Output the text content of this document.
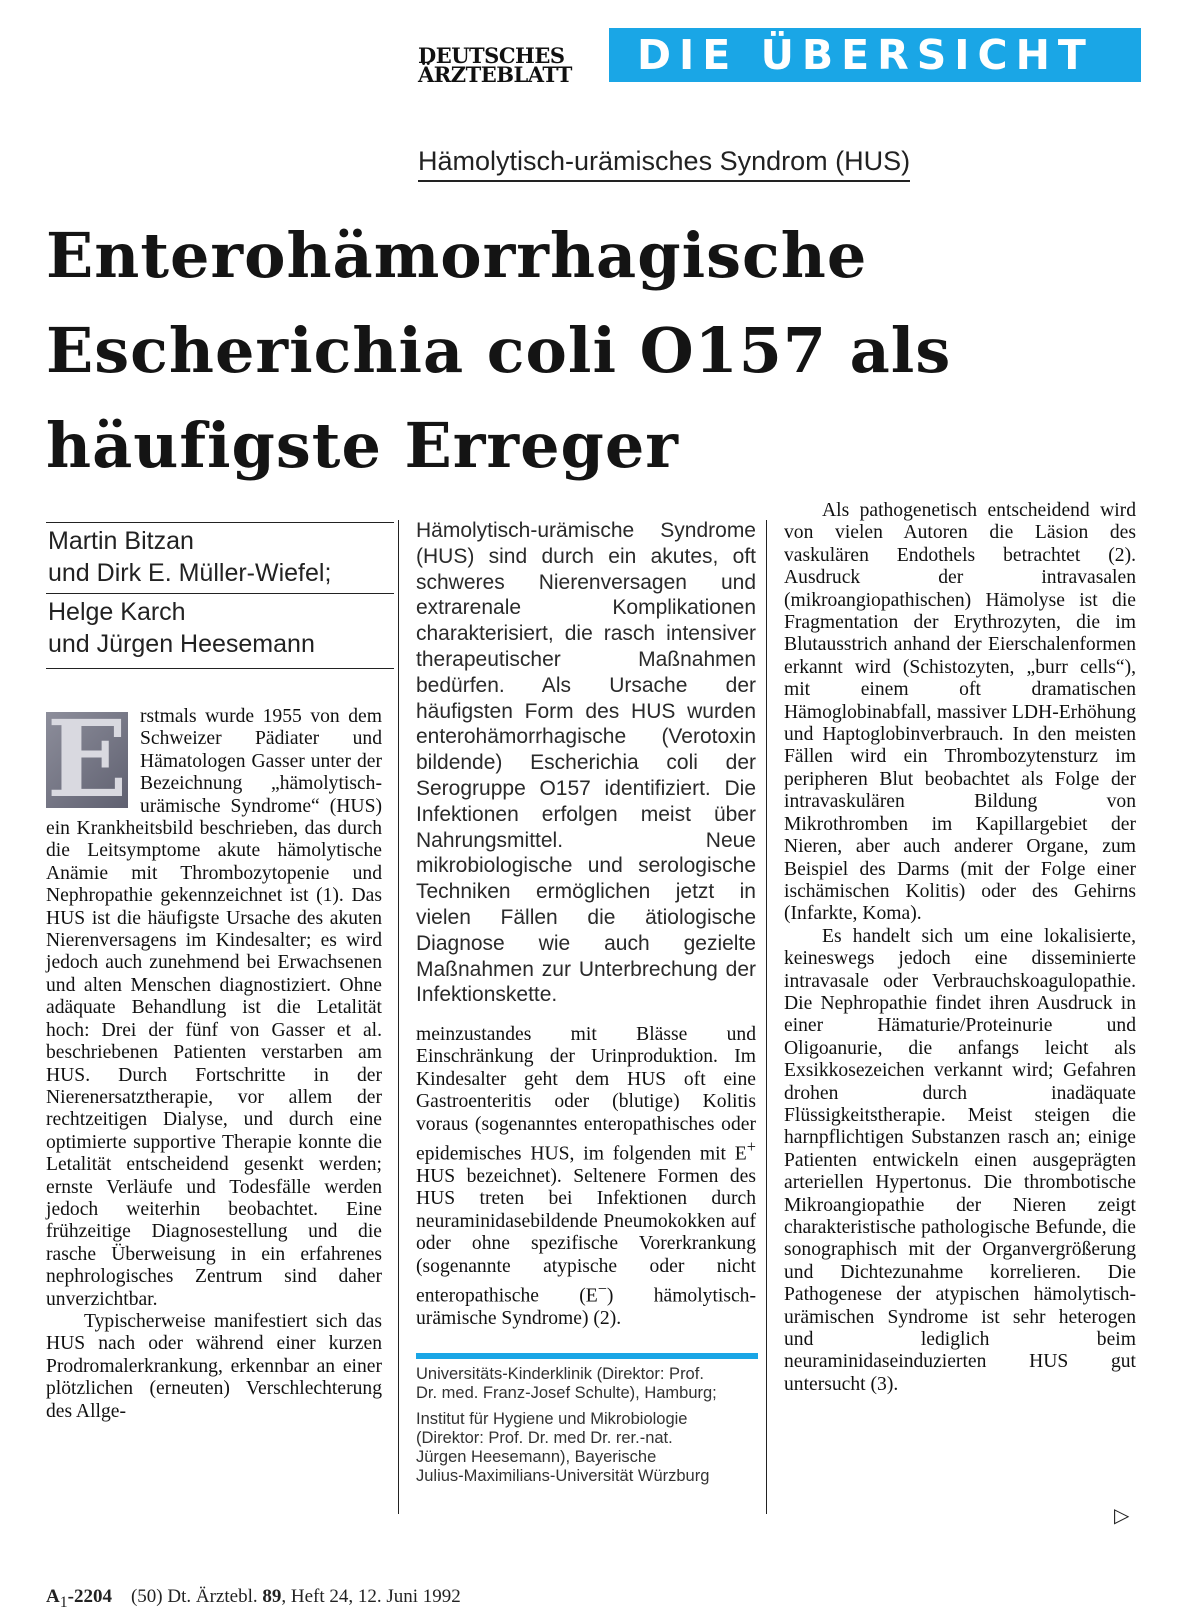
DEUTSCHES
ÄRZTEBLATT	DIE ÜBERSICHT
Hämolytisch-urämisches Syndrom (HUS)
Enterohämorrhagische
Escherichia coli O157 als
häufigste Erreger
Martin Bitzan
und Dirk E. Müller-Wiefel;
Helge Karch
und Jürgen Heesemann

E rstmals wurde 1955 von dem Schweizer Pädiater und Hämatologen Gasser unter der Bezeichnung „hämolytisch-urämische Syndrome“ (HUS) ein Krankheitsbild beschrieben, das durch die Leitsymptome akute hämolytische Anämie mit Thrombozytopenie und Nephropathie gekennzeichnet ist (1). Das HUS ist die häufigste Ursache des akuten Nierenversagens im Kindesalter; es wird jedoch auch zunehmend bei Erwachsenen und alten Menschen diagnostiziert. Ohne adäquate Behandlung ist die Letalität hoch: Drei der fünf von Gasser et al. beschriebenen Patienten verstarben am HUS. Durch Fortschritte in der Nierenersatztherapie, vor allem der rechtzeitigen Dialyse, und durch eine optimierte supportive Therapie konnte die Letalität entscheidend gesenkt werden; ernste Verläufe und Todesfälle werden jedoch weiterhin beobachtet. Eine frühzeitige Diagnosestellung und die rasche Überweisung in ein erfahrenes nephrologisches Zentrum sind daher unverzichtbar.

Typischerweise manifestiert sich das HUS nach oder während einer kurzen Prodromalerkrankung, erkennbar an einer plötzlichen (erneuten) Verschlechterung des Allge-

Hämolytisch-urämische Syndrome (HUS) sind durch ein akutes, oft schweres Nierenversagen und extrarenale Komplikationen charakterisiert, die rasch intensiver therapeutischer Maßnahmen bedürfen. Als Ursache der häufigsten Form des HUS wurden enterohämorrhagische (Verotoxin bildende) Escherichia coli der Serogruppe O157 identifiziert. Die Infektionen erfolgen meist über Nahrungsmittel. Neue mikrobiologische und serologische Techniken ermöglichen jetzt in vielen Fällen die ätiologische Diagnose wie auch gezielte Maßnahmen zur Unterbrechung der Infektionskette.

meinzustandes mit Blässe und Einschränkung der Urinproduktion. Im Kindesalter geht dem HUS oft eine Gastroenteritis oder (blutige) Kolitis voraus (sogenanntes enteropathisches oder epidemisches HUS, im folgenden mit E+ HUS bezeichnet). Seltenere Formen des HUS treten bei Infektionen durch neuraminidasebildende Pneumokokken auf oder ohne spezifische Vorerkrankung (sogenannte atypische oder nicht enteropathische (E−) hämolytisch-urämische Syndrome) (2).

Universitäts-Kinderklinik (Direktor: Prof.
Dr. med. Franz-Josef Schulte), Hamburg;
Institut für Hygiene und Mikrobiologie
(Direktor: Prof. Dr. med Dr. rer.-nat.
Jürgen Heesemann), Bayerische
Julius-Maximilians-Universität Würzburg

Als pathogenetisch entscheidend wird von vielen Autoren die Läsion des vaskulären Endothels betrachtet (2). Ausdruck der intravasalen (mikroangiopathischen) Hämolyse ist die Fragmentation der Erythrozyten, die im Blutausstrich anhand der Eierschalenformen erkannt wird (Schistozyten, „burr cells“), mit einem oft dramatischen Hämoglobinabfall, massiver LDH-Erhöhung und Haptoglobinverbrauch. In den meisten Fällen wird ein Thrombozytensturz im peripheren Blut beobachtet als Folge der intravaskulären Bildung von Mikrothromben im Kapillargebiet der Nieren, aber auch anderer Organe, zum Beispiel des Darms (mit der Folge einer ischämischen Kolitis) oder des Gehirns (Infarkte, Koma).

Es handelt sich um eine lokalisierte, keineswegs jedoch eine disseminierte intravasale oder Verbrauchskoagulopathie. Die Nephropathie findet ihren Ausdruck in einer Hämaturie/Proteinurie und Oligoanurie, die anfangs leicht als Exsikkosezeichen verkannt wird; Gefahren drohen durch inadäquate Flüssigkeitstherapie. Meist steigen die harnpflichtigen Substanzen rasch an; einige Patienten entwickeln einen ausgeprägten arteriellen Hypertonus. Die thrombotische Mikroangiopathie der Nieren zeigt charakteristische pathologische Befunde, die sonographisch mit der Organvergrößerung und Dichtezunahme korrelieren. Die Pathogenese der atypischen hämolytisch-urämischen Syndrome ist sehr heterogen und lediglich beim neuraminidaseinduzierten HUS gut untersucht (3).

▷
$A_1-2204$ (50) Dt. Ärztebl. 89, Heft 24, 12. Juni 1992
